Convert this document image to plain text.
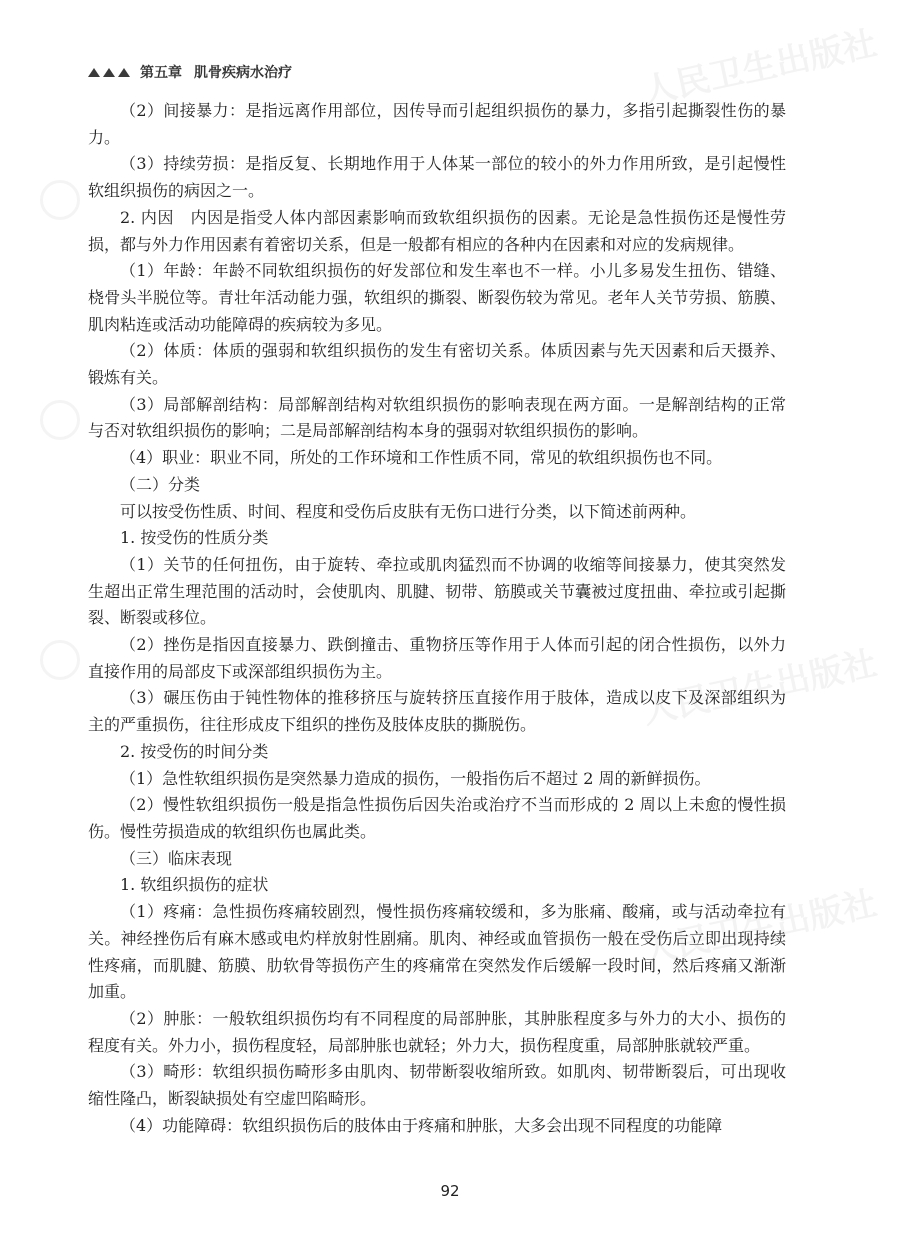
人民卫生出版社
人民卫生出版社
人民卫生出版社
第五章 肌骨疾病水治疗

（2）间接暴力：是指远离作用部位，因传导而引起组织损伤的暴力，多指引起撕裂性伤的暴力。

（3）持续劳损：是指反复、长期地作用于人体某一部位的较小的外力作用所致，是引起慢性软组织损伤的病因之一。

2. 内因　内因是指受人体内部因素影响而致软组织损伤的因素。无论是急性损伤还是慢性劳损，都与外力作用因素有着密切关系，但是一般都有相应的各种内在因素和对应的发病规律。

（1）年龄：年龄不同软组织损伤的好发部位和发生率也不一样。小儿多易发生扭伤、错缝、桡骨头半脱位等。青壮年活动能力强，软组织的撕裂、断裂伤较为常见。老年人关节劳损、筋膜、肌肉粘连或活动功能障碍的疾病较为多见。

（2）体质：体质的强弱和软组织损伤的发生有密切关系。体质因素与先天因素和后天摄养、锻炼有关。

（3）局部解剖结构：局部解剖结构对软组织损伤的影响表现在两方面。一是解剖结构的正常与否对软组织损伤的影响；二是局部解剖结构本身的强弱对软组织损伤的影响。

（4）职业：职业不同，所处的工作环境和工作性质不同，常见的软组织损伤也不同。

（二）分类

可以按受伤性质、时间、程度和受伤后皮肤有无伤口进行分类，以下简述前两种。

1. 按受伤的性质分类

（1）关节的任何扭伤，由于旋转、牵拉或肌肉猛烈而不协调的收缩等间接暴力，使其突然发生超出正常生理范围的活动时，会使肌肉、肌腱、韧带、筋膜或关节囊被过度扭曲、牵拉或引起撕裂、断裂或移位。

（2）挫伤是指因直接暴力、跌倒撞击、重物挤压等作用于人体而引起的闭合性损伤，以外力直接作用的局部皮下或深部组织损伤为主。

（3）碾压伤由于钝性物体的推移挤压与旋转挤压直接作用于肢体，造成以皮下及深部组织为主的严重损伤，往往形成皮下组织的挫伤及肢体皮肤的撕脱伤。

2. 按受伤的时间分类

（1）急性软组织损伤是突然暴力造成的损伤，一般指伤后不超过 2 周的新鲜损伤。

（2）慢性软组织损伤一般是指急性损伤后因失治或治疗不当而形成的 2 周以上未愈的慢性损伤。慢性劳损造成的软组织伤也属此类。

（三）临床表现

1. 软组织损伤的症状

（1）疼痛：急性损伤疼痛较剧烈，慢性损伤疼痛较缓和，多为胀痛、酸痛，或与活动牵拉有关。神经挫伤后有麻木感或电灼样放射性剧痛。肌肉、神经或血管损伤一般在受伤后立即出现持续性疼痛，而肌腱、筋膜、肋软骨等损伤产生的疼痛常在突然发作后缓解一段时间，然后疼痛又渐渐加重。

（2）肿胀：一般软组织损伤均有不同程度的局部肿胀，其肿胀程度多与外力的大小、损伤的程度有关。外力小，损伤程度轻，局部肿胀也就轻；外力大，损伤程度重，局部肿胀就较严重。

（3）畸形：软组织损伤畸形多由肌肉、韧带断裂收缩所致。如肌肉、韧带断裂后，可出现收缩性隆凸，断裂缺损处有空虚凹陷畸形。

（4）功能障碍：软组织损伤后的肢体由于疼痛和肿胀，大多会出现不同程度的功能障

92
